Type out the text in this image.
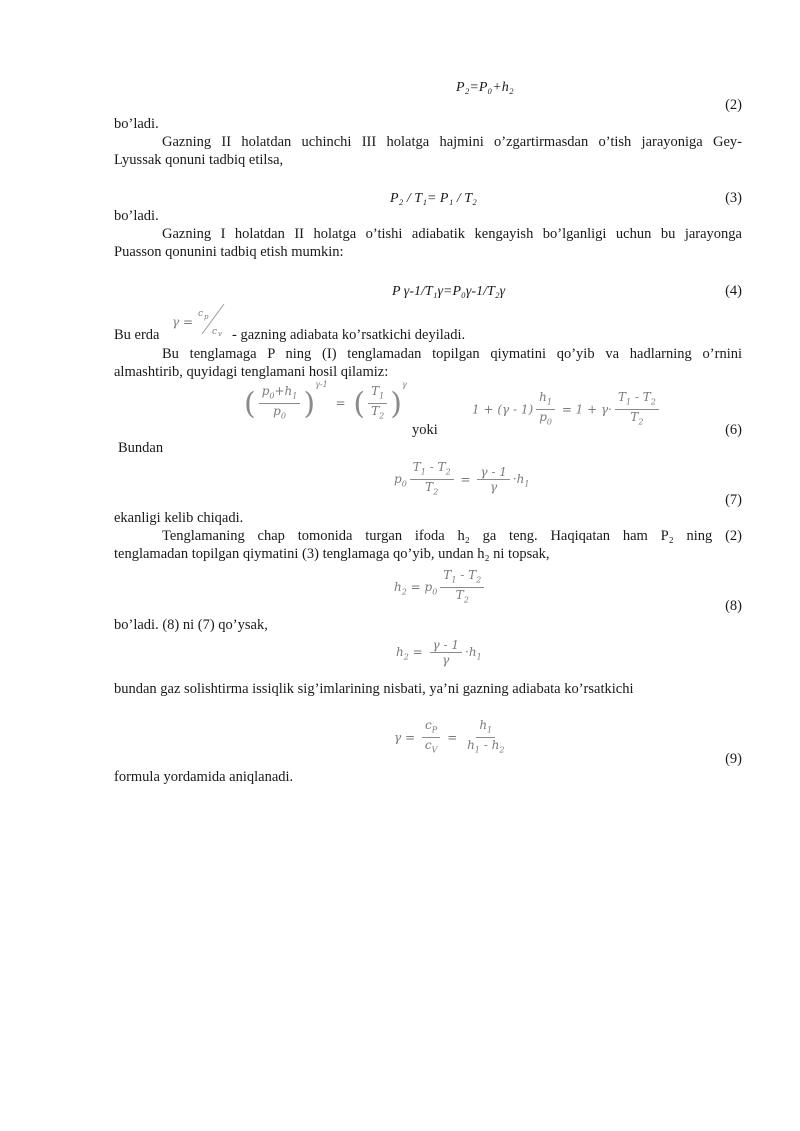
P₂=P₀+h₂
(2)
bo’ladi.
Gazning II holatdan uchinchi III holatga hajmini o’zgartirmasdan o’tish jarayoniga Gey-
Lyussak qonuni tadbiq etilsa,
P₂ / T₁= P₁ / T₂	(3)
bo’ladi.
Gazning I holatdan II holatga o’tishi adiabatik kengayish bo’lganligi uchun bu jarayonga
Puasson qonunini tadbiq etish mumkin:
P γ-1/T₁γ=P₀γ-1/T₂γ	(4)
Bu erda
γ =
c p
c v - gazning adiabata ko’rsatkichi deyiladi.
Bu tenglamaga P ning (I) tenglamadan topilgan qiymatini qo’yib va hadlarning o’rnini
almashtirib, quyidagi tenglamani hosil qilamiz:
( $\frac{p_0+h_1}{p_0} )^{\gamma-1}$ = ( $\frac{T_1}{T_2} )^\gamma$
yoki
$1 + (\gamma - 1) \frac{h_1}{p_0} = 1 + \gamma\cdot \frac{T_1 - T_2}{T_2}$
(6)
Bundan
$p_0 \frac{T_1 - T_2}{T_2} = \frac{\gamma - 1}{\gamma} \cdot h_1$
(7)
ekanligi kelib chiqadi.
Tenglamaning chap tomonida turgan ifoda h₂ ga teng. Haqiqatan ham P₂ ning (2)
tenglamadan topilgan qiymatini (3) tenglamaga qo’yib, undan h₂ ni topsak,
$h_2 = p_0 \frac{T_1 - T_2}{T_2}$	(8)
bo’ladi. (8) ni (7) qo’ysak,
$h_2 = \frac{\gamma - 1}{\gamma} \cdot h_1$
bundan gaz solishtirma issiqlik sig’imlarining nisbati, ya’ni gazning adiabata ko’rsatkichi
$\gamma = \frac{c_P}{c_V} = \frac{h_1}{h_1 - h_2}$
(9)
formula yordamida aniqlanadi.
